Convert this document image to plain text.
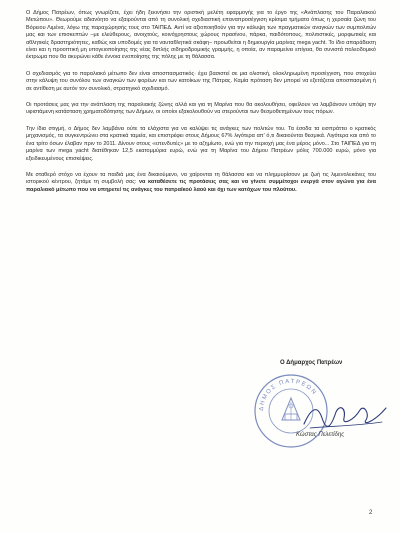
Ο Δήμος Πατρέων, όπως γνωρίζετε, έχει ήδη ξεκινήσει την οριστική μελέτη εφαρμογής για το έργο της «Ανάπλασης του Παραλιακού Μετώπου». Θεωρούμε αδιανόητο να εξαιρούνται από τη συνολική σχεδιαστική επαναπροσέγγιση κρίσιμα τμήματα όπως η χερσαία ζώνη του Βόρειου Λιμένα, λόγω της παραχώρησής τους στο ΤΑΙΠΕΔ. Αντί να αξιοποιηθούν για την κάλυψη των πραγματικών αναγκών των συμπολιτών μας και των επισκεπτών –με ελεύθερους, ανοιχτούς, κοινόχρηστους χώρους πρασίνου, πάρκα, παιδότοπους, πολιτιστικές, μορφωτικές και αθλητικές δραστηριότητες, καθώς και υποδομές για τα ναυταθλητικά σκάφη– προωθείται η δημιουργία μαρίνας mega yacht. Το ίδιο απαράδεκτη είναι και η προοπτική μη υπογειοποίησης της νέας διπλής σιδηροδρομικής γραμμής, η οποία, αν παραμείνει επίγεια, θα συνιστά πολεοδομικό έκτρωμα που θα ακυρώνει κάθε έννοια ενοποίησης της πόλης με τη θάλασσα.

Ο σχεδιασμός για το παραλιακό μέτωπο δεν είναι αποσπασματικός· έχει βασιστεί σε μια ολιστική, ολοκληρωμένη προσέγγιση, που στοχεύει στην κάλυψη του συνόλου των αναγκών των φορέων και των κατοίκων της Πάτρας. Καμία πρόταση δεν μπορεί να εξετάζεται αποσπασμένη ή σε αντίθεση με αυτόν τον συνολικό, στρατηγικό σχεδιασμό.

Οι προτάσεις μας για την ανάπλαση της παραλιακής ζώνης αλλά και για τη Μαρίνα που θα ακολουθήσει, οφείλουν να λαμβάνουν υπόψη την υφιστάμενη κατάσταση χρηματοδότησης των Δήμων, οι οποίοι εξακολουθούν να στερούνται των θεσμοθετημένων τους πόρων.

Την ίδια στιγμή, ο Δήμος δεν λαμβάνει ούτε τα ελάχιστα για να καλύψει τις ανάγκες των πολιτών του. Τα έσοδα τα εισπράττει ο κρατικός μηχανισμός, τα συγκεντρώνει στα κρατικά ταμεία, και επιστρέφει στους Δήμους 67% λιγότερα απ' ό,τι δικαιούνται θεσμικά. Λιγότερα και από το ένα τρίτο όσων έλαβαν πριν το 2011. Δίνουν στους «επενδυτές» με το αζημίωτο, ενώ για την περιοχή μας ένα μέρος μόνο... Στο ΤΑΙΠΕΔ για τη μαρίνα των mega yacht διατέθηκαν 12,5 εκατομμύρια ευρώ, ενώ για τη Μαρίνα του Δήμου Πατρέων μόλις 700.000 ευρώ, μόνο για εξειδικευμένους επισκέψεις.

Με σταθερό στόχο να έχουν τα παιδιά μας ένα δικαιούμενο, να χαίρονται τη θάλασσα και να πλημμυρίσουν με ζωή τις λιμενολεκάνες του ιστορικού κέντρου, ζητάμε τη συμβολή σας: να καταθέσετε τις προτάσεις σας και να γίνετε συμμέτοχοι ενεργά στον αγώνα για ένα παραλιακό μέτωπο που να υπηρετεί τις ανάγκες του πατραϊκού λαού και όχι των κατόχων του πλούτου.

Ο Δήμαρχος Πατρέων
ΔΗΜΟΣ ΠΑΤΡΕΩΝ
Κώστας Πελετίδης
2
